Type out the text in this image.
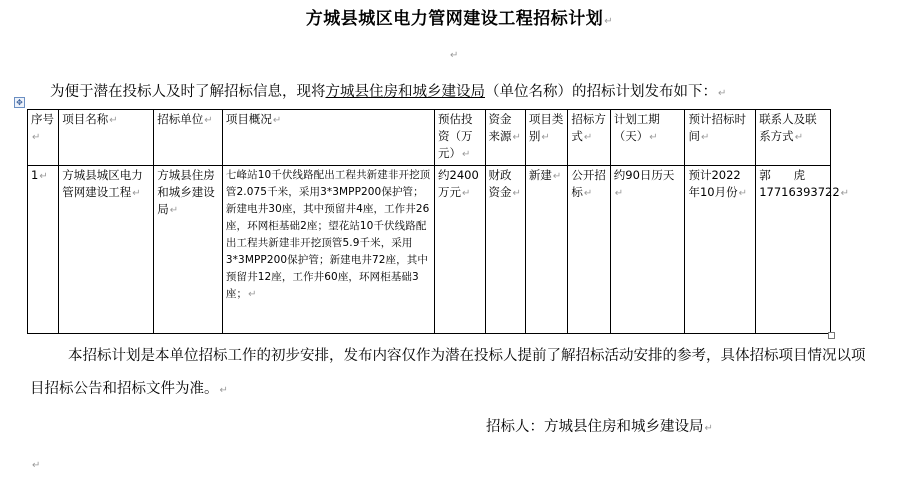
方城县城区电力管网建设工程招标计划↵
↵
为便于潜在投标人及时了解招标信息，现将方城县住房和城乡建设局（单位名称）的招标计划发布如下：↵
✥
序号↵	项目名称↵	招标单位↵	项目概况↵	预估投资（万元）↵	资金来源↵	项目类别↵	招标方式↵	计划工期（天）↵	预计招标时间↵	联系人及联系方式↵
1↵	方城县城区电力管网建设工程↵	方城县住房和城乡建设局↵	七峰站10千伏线路配出工程共新建非开挖顶管2.075千米，采用3*3MPP200保护管；新建电井30座，其中预留井4座，工作井26座，环网柜基础2座；望花站10千伏线路配出工程共新建非开挖顶管5.9千米，采用3*3MPP200保护管；新建电井72座，其中预留井12座，工作井60座，环网柜基础3座；↵	约2400万元↵	财政资金↵	新建↵	公开招标↵	约90日历天↵	预计2022年10月份↵	郭　　虎17716393722↵
本招标计划是本单位招标工作的初步安排，发布内容仅作为潜在投标人提前了解招标活动安排的参考，具体招标项目情况以项目招标公告和招标文件为准。↵
招标人：方城县住房和城乡建设局↵
↵
